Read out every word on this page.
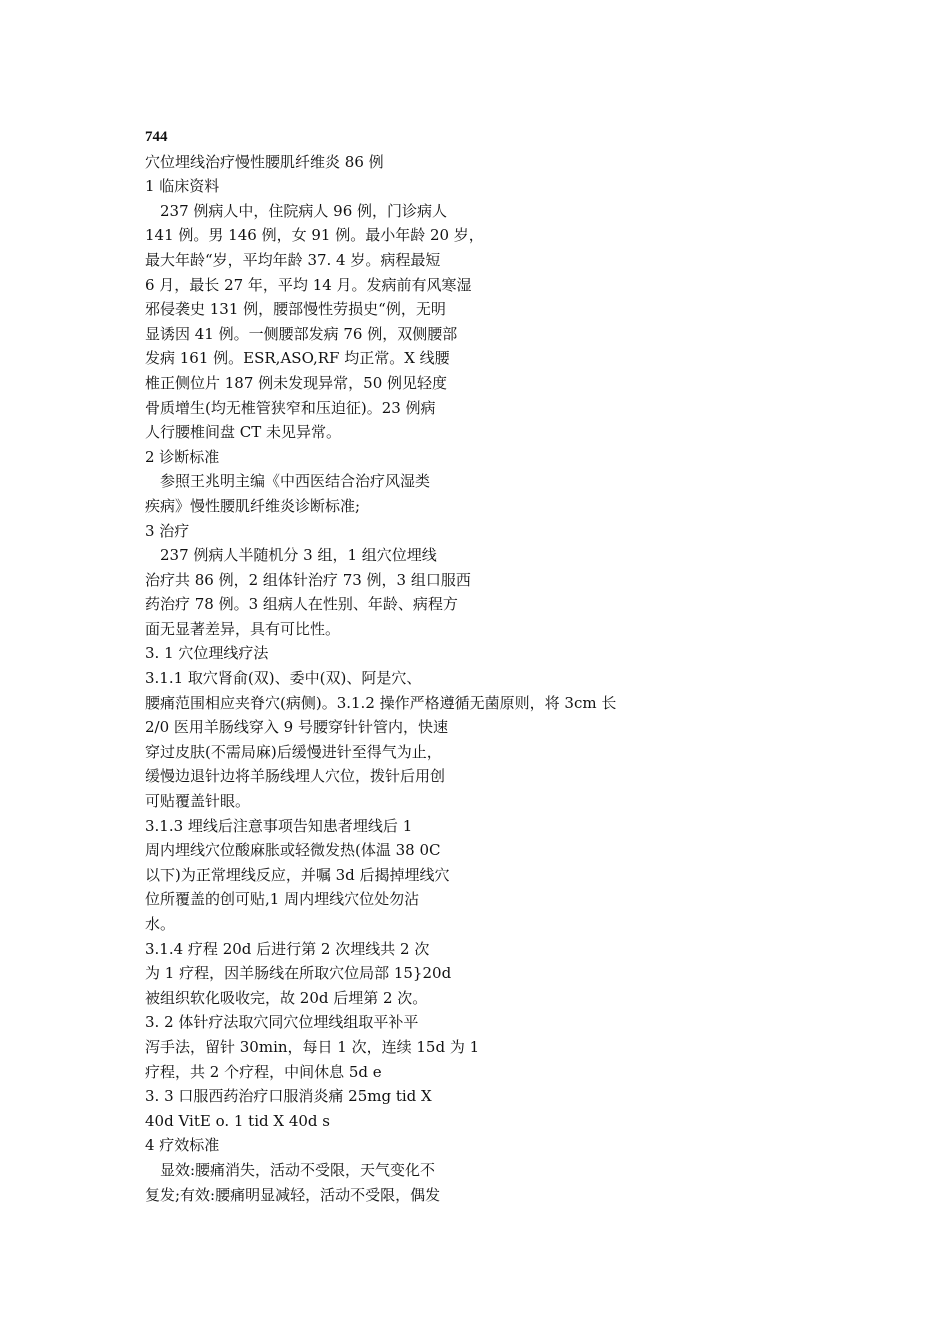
744
穴位埋线治疗慢性腰肌纤维炎 86 例
1 临床资料
237 例病人中，住院病人 96 例，门诊病人
141 例。男 146 例，女 91 例。最小年龄 20 岁，
最大年龄“岁，平均年龄 37. 4 岁。病程最短
6 月，最长 27 年，平均 14 月。发病前有风寒湿
邪侵袭史 131 例，腰部慢性劳损史“例，无明
显诱因 41 例。一侧腰部发病 76 例，双侧腰部
发病 161 例。ESR,ASO,RF 均正常。X 线腰
椎正侧位片 187 例未发现异常，50 例见轻度
骨质增生(均无椎管狭窄和压迫征)。23 例病
人行腰椎间盘 CT 未见异常。
2 诊断标准
参照王兆明主编《中西医结合治疗风湿类
疾病》慢性腰肌纤维炎诊断标准;
3 治疗
237 例病人半随机分 3 组，1 组穴位埋线
治疗共 86 例，2 组体针治疗 73 例，3 组口服西
药治疗 78 例。3 组病人在性别、年龄、病程方
面无显著差异，具有可比性。
3. 1 穴位理线疗法
3.1.1 取穴肾俞(双)、委中(双)、阿是穴、
腰痛范围相应夹脊穴(病侧)。3.1.2 操作严格遵循无菌原则，将 3cm 长
2/0 医用羊肠线穿入 9 号腰穿针针管内，快速
穿过皮肤(不需局麻)后缓慢进针至得气为止，
缓慢边退针边将羊肠线埋人穴位，拨针后用创
可贴覆盖针眼。
3.1.3 埋线后注意事项告知患者埋线后 1
周内埋线穴位酸麻胀或轻微发热(体温 38 0C
以下)为正常埋线反应，并嘱 3d 后揭掉埋线穴
位所覆盖的创可贴,1 周内埋线穴位处勿沾
水。
3.1.4 疗程 20d 后进行第 2 次埋线共 2 次
为 1 疗程，因羊肠线在所取穴位局部 15}20d
被组织软化吸收完，故 20d 后埋第 2 次。
3. 2 体针疗法取穴同穴位埋线组取平补平
泻手法，留针 30min，每日 1 次，连续 15d 为 1
疗程，共 2 个疗程，中间休息 5d e
3. 3 口服西药治疗口服消炎痛 25mg tid X
40d VitE o. 1 tid X 40d s
4 疗效标准
显效:腰痛消失，活动不受限，天气变化不
复发;有效:腰痛明显减轻，活动不受限，偶发
